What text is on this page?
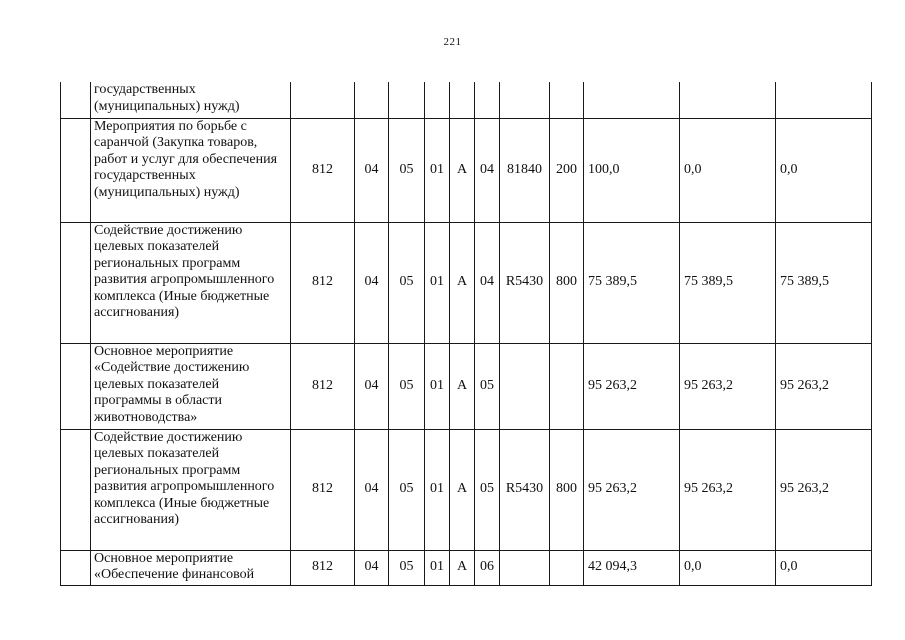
221
	государственных (муниципальных) нужд)											
	Мероприятия по борьбе с саранчой (Закупка товаров, работ и услуг для обеспечения государственных (муниципальных) нужд)	812	04	05	01	А	04	81840	200	100,0	0,0	0,0
	Содействие достижению целевых показателей региональных программ развития агропромышленного комплекса (Иные бюджетные ассигнования)	812	04	05	01	А	04	R5430	800	75 389,5	75 389,5	75 389,5
	Основное мероприятие «Содействие достижению целевых показателей программы в области животноводства»	812	04	05	01	А	05			95 263,2	95 263,2	95 263,2
	Содействие достижению целевых показателей региональных программ развития агропромышленного комплекса (Иные бюджетные ассигнования)	812	04	05	01	А	05	R5430	800	95 263,2	95 263,2	95 263,2
	Основное мероприятие «Обеспечение финансовой	812	04	05	01	А	06			42 094,3	0,0	0,0
